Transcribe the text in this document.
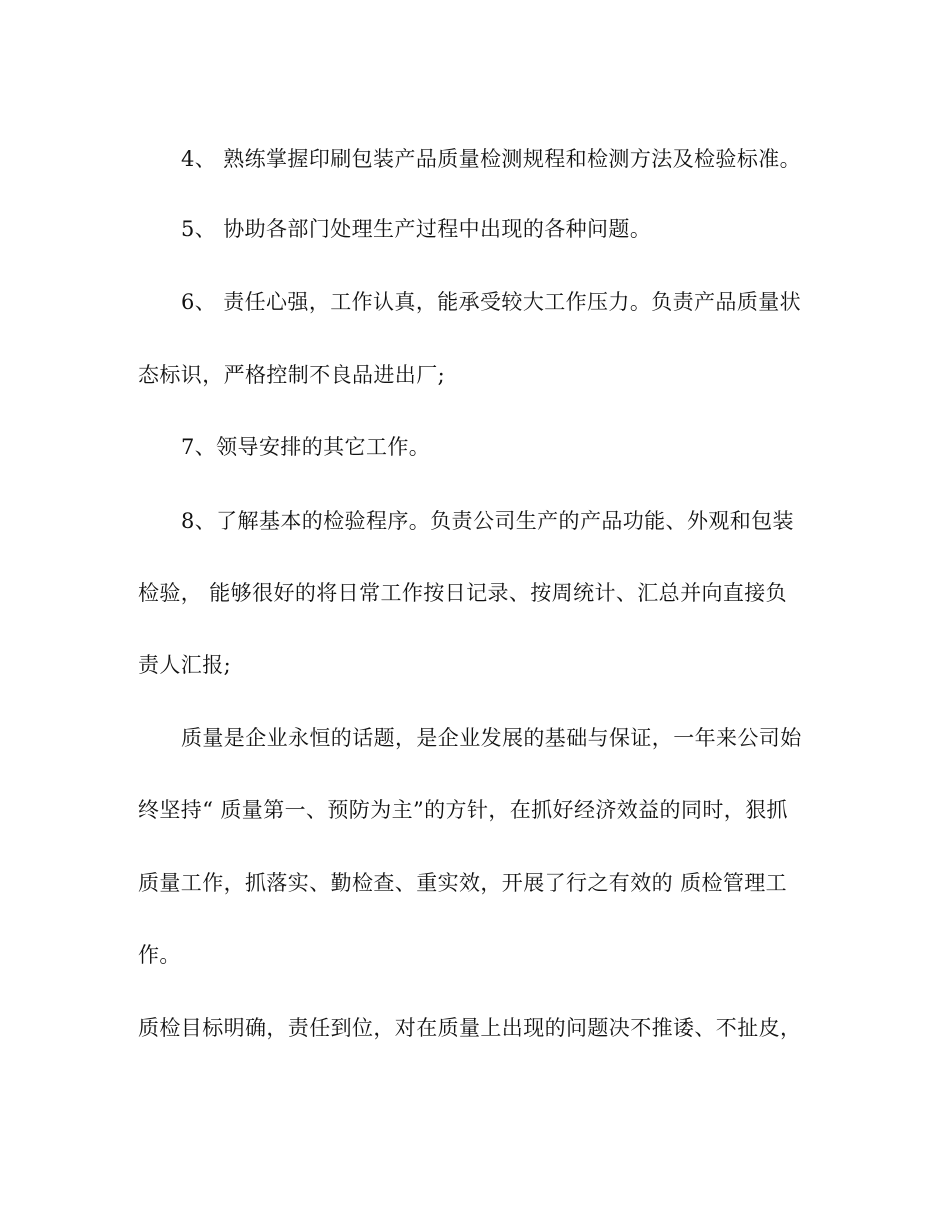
4、 熟练掌握印刷包装产品质量检测规程和检测方法及检验标准。
5、 协助各部门处理生产过程中出现的各种问题。
6、 责任心强，工作认真，能承受较大工作压力。负责产品质量状
态标识，严格控制不良品进出厂;
7、领导安排的其它工作。
8、了解基本的检验程序。负责公司生产的产品功能、外观和包装
检验， 能够很好的将日常工作按日记录、按周统计、汇总并向直接负
责人汇报;
质量是企业永恒的话题，是企业发展的基础与保证，一年来公司始
终坚持“ 质量第一、预防为主”的方针，在抓好经济效益的同时，狠抓
质量工作，抓落实、勤检查、重实效，开展了行之有效的 质检管理工
作。
质检目标明确，责任到位，对在质量上出现的问题决不推诿、不扯皮，
